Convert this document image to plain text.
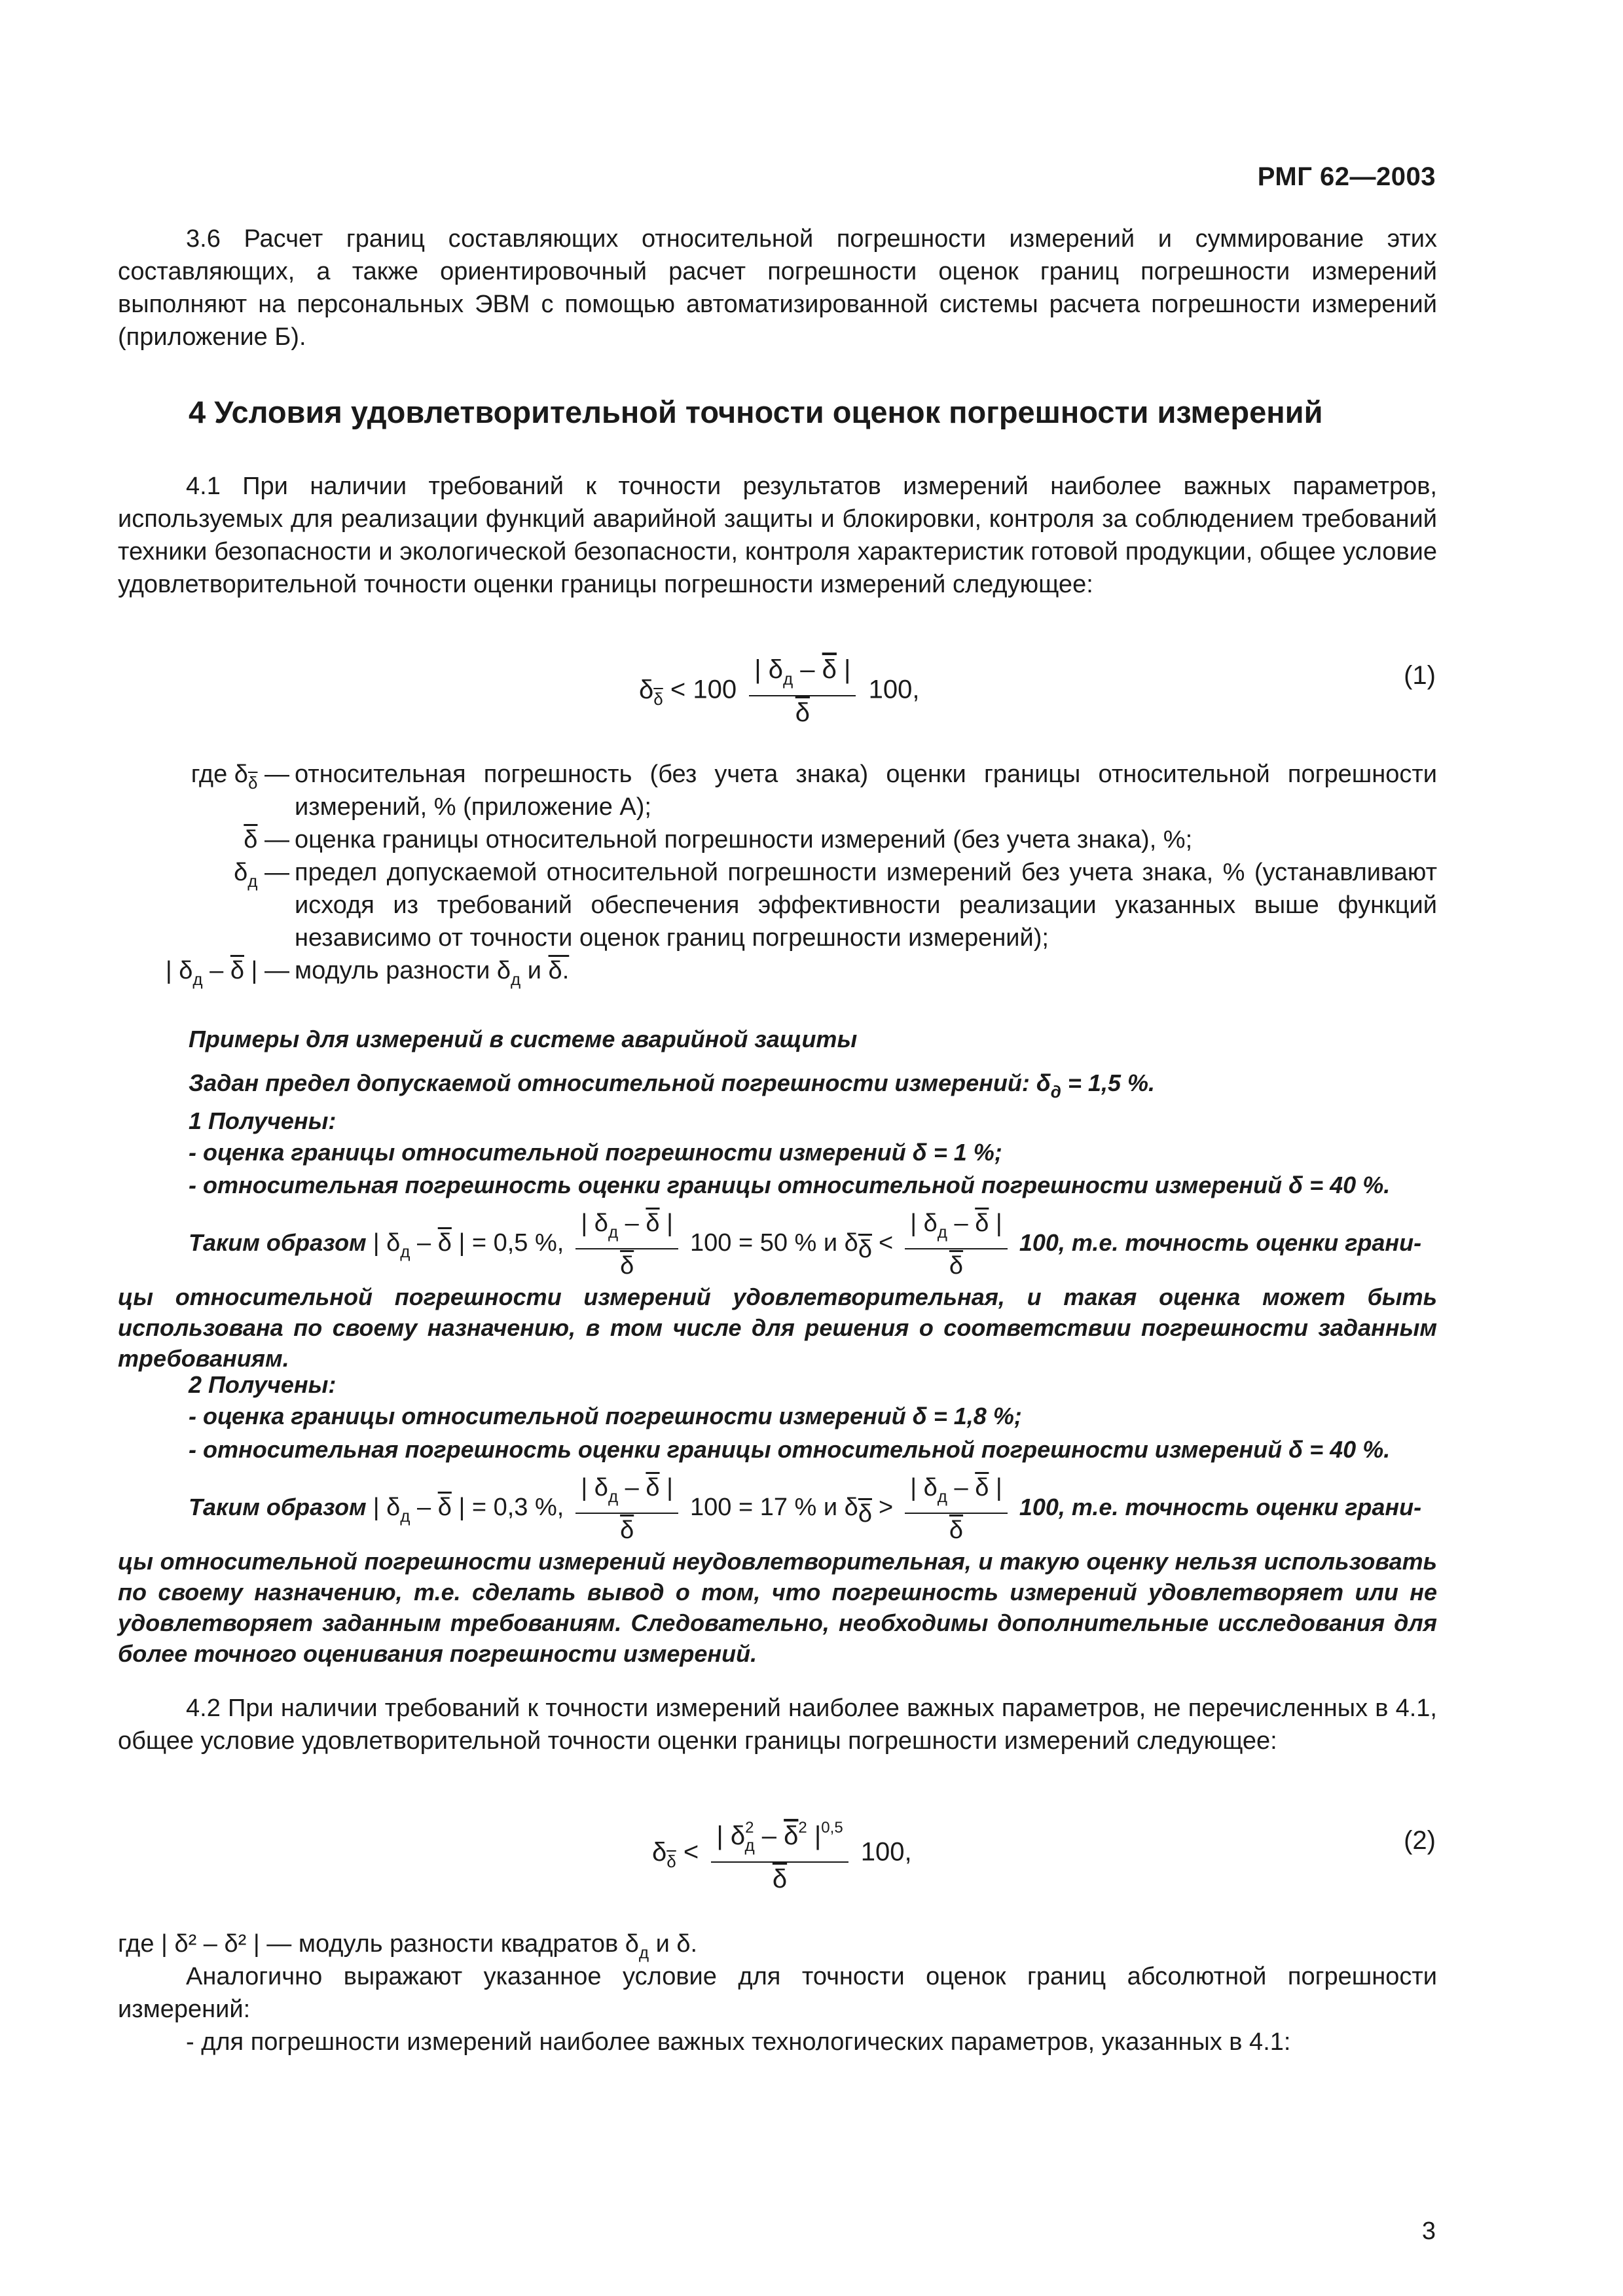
РМГ 62—2003
3.6 Расчет границ составляющих относительной погрешности измерений и суммирование этих составляющих, а также ориентировочный расчет погрешности оценок границ погрешности измерений выполняют на персональных ЭВМ с помощью автоматизированной системы расчета погрешности измерений (приложение Б).
4 Условия удовлетворительной точности оценок погрешности измерений
4.1 При наличии требований к точности результатов измерений наиболее важных параметров, используемых для реализации функций аварийной защиты и блокировки, контроля за соблюдением требований техники безопасности и экологической безопасности, контроля характеристик готовой продукции, общее условие удовлетворительной точности оценки границы погрешности измерений следующее:
$\delta_{\overline{\delta}} < 100 \frac{| \delta_д - \overline{\delta} |}{\delta} 100$,	(1)
где $\delta_{\overline{\delta}}$ — относительная погрешность (без учета знака) оценки границы относительной погрешности измерений, % (приложение А);
$\overline{\delta}$ — оценка границы относительной погрешности измерений (без учета знака), %;
$\delta_д$ — предел допускаемой относительной погрешности измерений без учета знака, % (устанавливают исходя из требований обеспечения эффективности реализации указанных выше функций независимо от точности оценок границ погрешности измерений);
| $\delta_д - \overline{\delta}$ | — модуль разности $\delta_д$ и δ.
Примеры для измерений в системе аварийной защиты
Задан предел допускаемой относительной погрешности измерений: $\delta_д = 1,5$ %.
1 Получены:
- оценка границы относительной погрешности измерений δ = 1 %;
- относительная погрешность оценки границы относительной погрешности измерений δ = 40 %.
Таким образом | $\delta_д - \overline{\delta}$ | = 0,5 %, $\frac{| \delta_д - \overline{\delta} |}{\delta} 100 = 50$ % и $\delta_{\overline{\delta}} < \frac{| \delta_д - \overline{\delta} |}{\delta} 100$, т.е. точность оценки грани-
цы относительной погрешности измерений удовлетворительная, и такая оценка может быть использована по своему назначению, в том числе для решения о соответствии погрешности заданным требованиям.
2 Получены:
- оценка границы относительной погрешности измерений δ = 1,8 %;
- относительная погрешность оценки границы относительной погрешности измерений δ = 40 %.
Таким образом | $\delta_д - \overline{\delta}$ | = 0,3 %, $\frac{| \delta_д - \overline{\delta} |}{\delta} 100 = 17$ % и $\delta_{\overline{\delta}} > \frac{| \delta_д - \overline{\delta} |}{\delta} 100$, т.е. точность оценки грани-
цы относительной погрешности измерений неудовлетворительная, и такую оценку нельзя использовать по своему назначению, т.е. сделать вывод о том, что погрешность измерений удовлетворяет или не удовлетворяет заданным требованиям. Следовательно, необходимы дополнительные исследования для более точного оценивания погрешности измерений.
4.2 При наличии требований к точности измерений наиболее важных параметров, не перечисленных в 4.1, общее условие удовлетворительной точности оценки границы погрешности измерений следующее:
$\delta_{\overline{\delta}} < \frac{| \delta^2_д - \overline{\delta}^2 |^{0,5}}{\delta} 100$,	(2)
где | δ² – δ² | — модуль разности квадратов $\delta_д$ и δ.
Аналогично выражают указанное условие для точности оценок границ абсолютной погрешности измерений:
- для погрешности измерений наиболее важных технологических параметров, указанных в 4.1:
3
